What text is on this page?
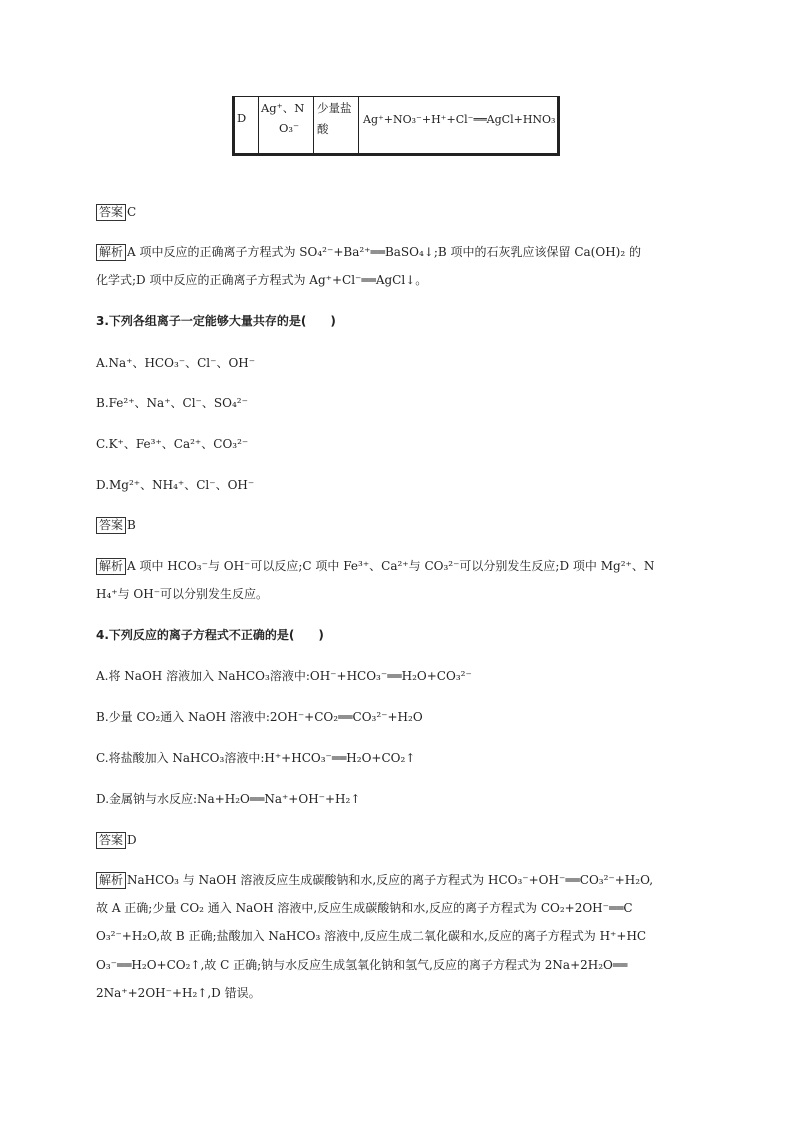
D
Ag⁺、N
O₃⁻
少量盐
酸
Ag⁺+NO₃⁻+H⁺+Cl⁻══AgCl+HNO₃
答案 C
解析 A 项中反应的正确离子方程式为 SO₄²⁻+Ba²⁺══BaSO₄↓;B 项中的石灰乳应该保留 Ca(OH)₂ 的
化学式;D 项中反应的正确离子方程式为 Ag⁺+Cl⁻══AgCl↓。
3.下列各组离子一定能够大量共存的是(　　)
A.Na⁺、HCO₃⁻、Cl⁻、OH⁻
B.Fe²⁺、Na⁺、Cl⁻、SO₄²⁻
C.K⁺、Fe³⁺、Ca²⁺、CO₃²⁻
D.Mg²⁺、NH₄⁺、Cl⁻、OH⁻
答案 B
解析 A 项中 HCO₃⁻与 OH⁻可以反应;C 项中 Fe³⁺、Ca²⁺与 CO₃²⁻可以分别发生反应;D 项中 Mg²⁺、N
H₄⁺与 OH⁻可以分别发生反应。
4.下列反应的离子方程式不正确的是(　　)
A.将 NaOH 溶液加入 NaHCO₃溶液中:OH⁻+HCO₃⁻══H₂O+CO₃²⁻
B.少量 CO₂通入 NaOH 溶液中:2OH⁻+CO₂══CO₃²⁻+H₂O
C.将盐酸加入 NaHCO₃溶液中:H⁺+HCO₃⁻══H₂O+CO₂↑
D.金属钠与水反应:Na+H₂O══Na⁺+OH⁻+H₂↑
答案 D
解析 NaHCO₃ 与 NaOH 溶液反应生成碳酸钠和水,反应的离子方程式为 HCO₃⁻+OH⁻══CO₃²⁻+H₂O,
故 A 正确;少量 CO₂ 通入 NaOH 溶液中,反应生成碳酸钠和水,反应的离子方程式为 CO₂+2OH⁻══C
O₃²⁻+H₂O,故 B 正确;盐酸加入 NaHCO₃ 溶液中,反应生成二氧化碳和水,反应的离子方程式为 H⁺+HC
O₃⁻══H₂O+CO₂↑,故 C 正确;钠与水反应生成氢氧化钠和氢气,反应的离子方程式为 2Na+2H₂O══
2Na⁺+2OH⁻+H₂↑,D 错误。
